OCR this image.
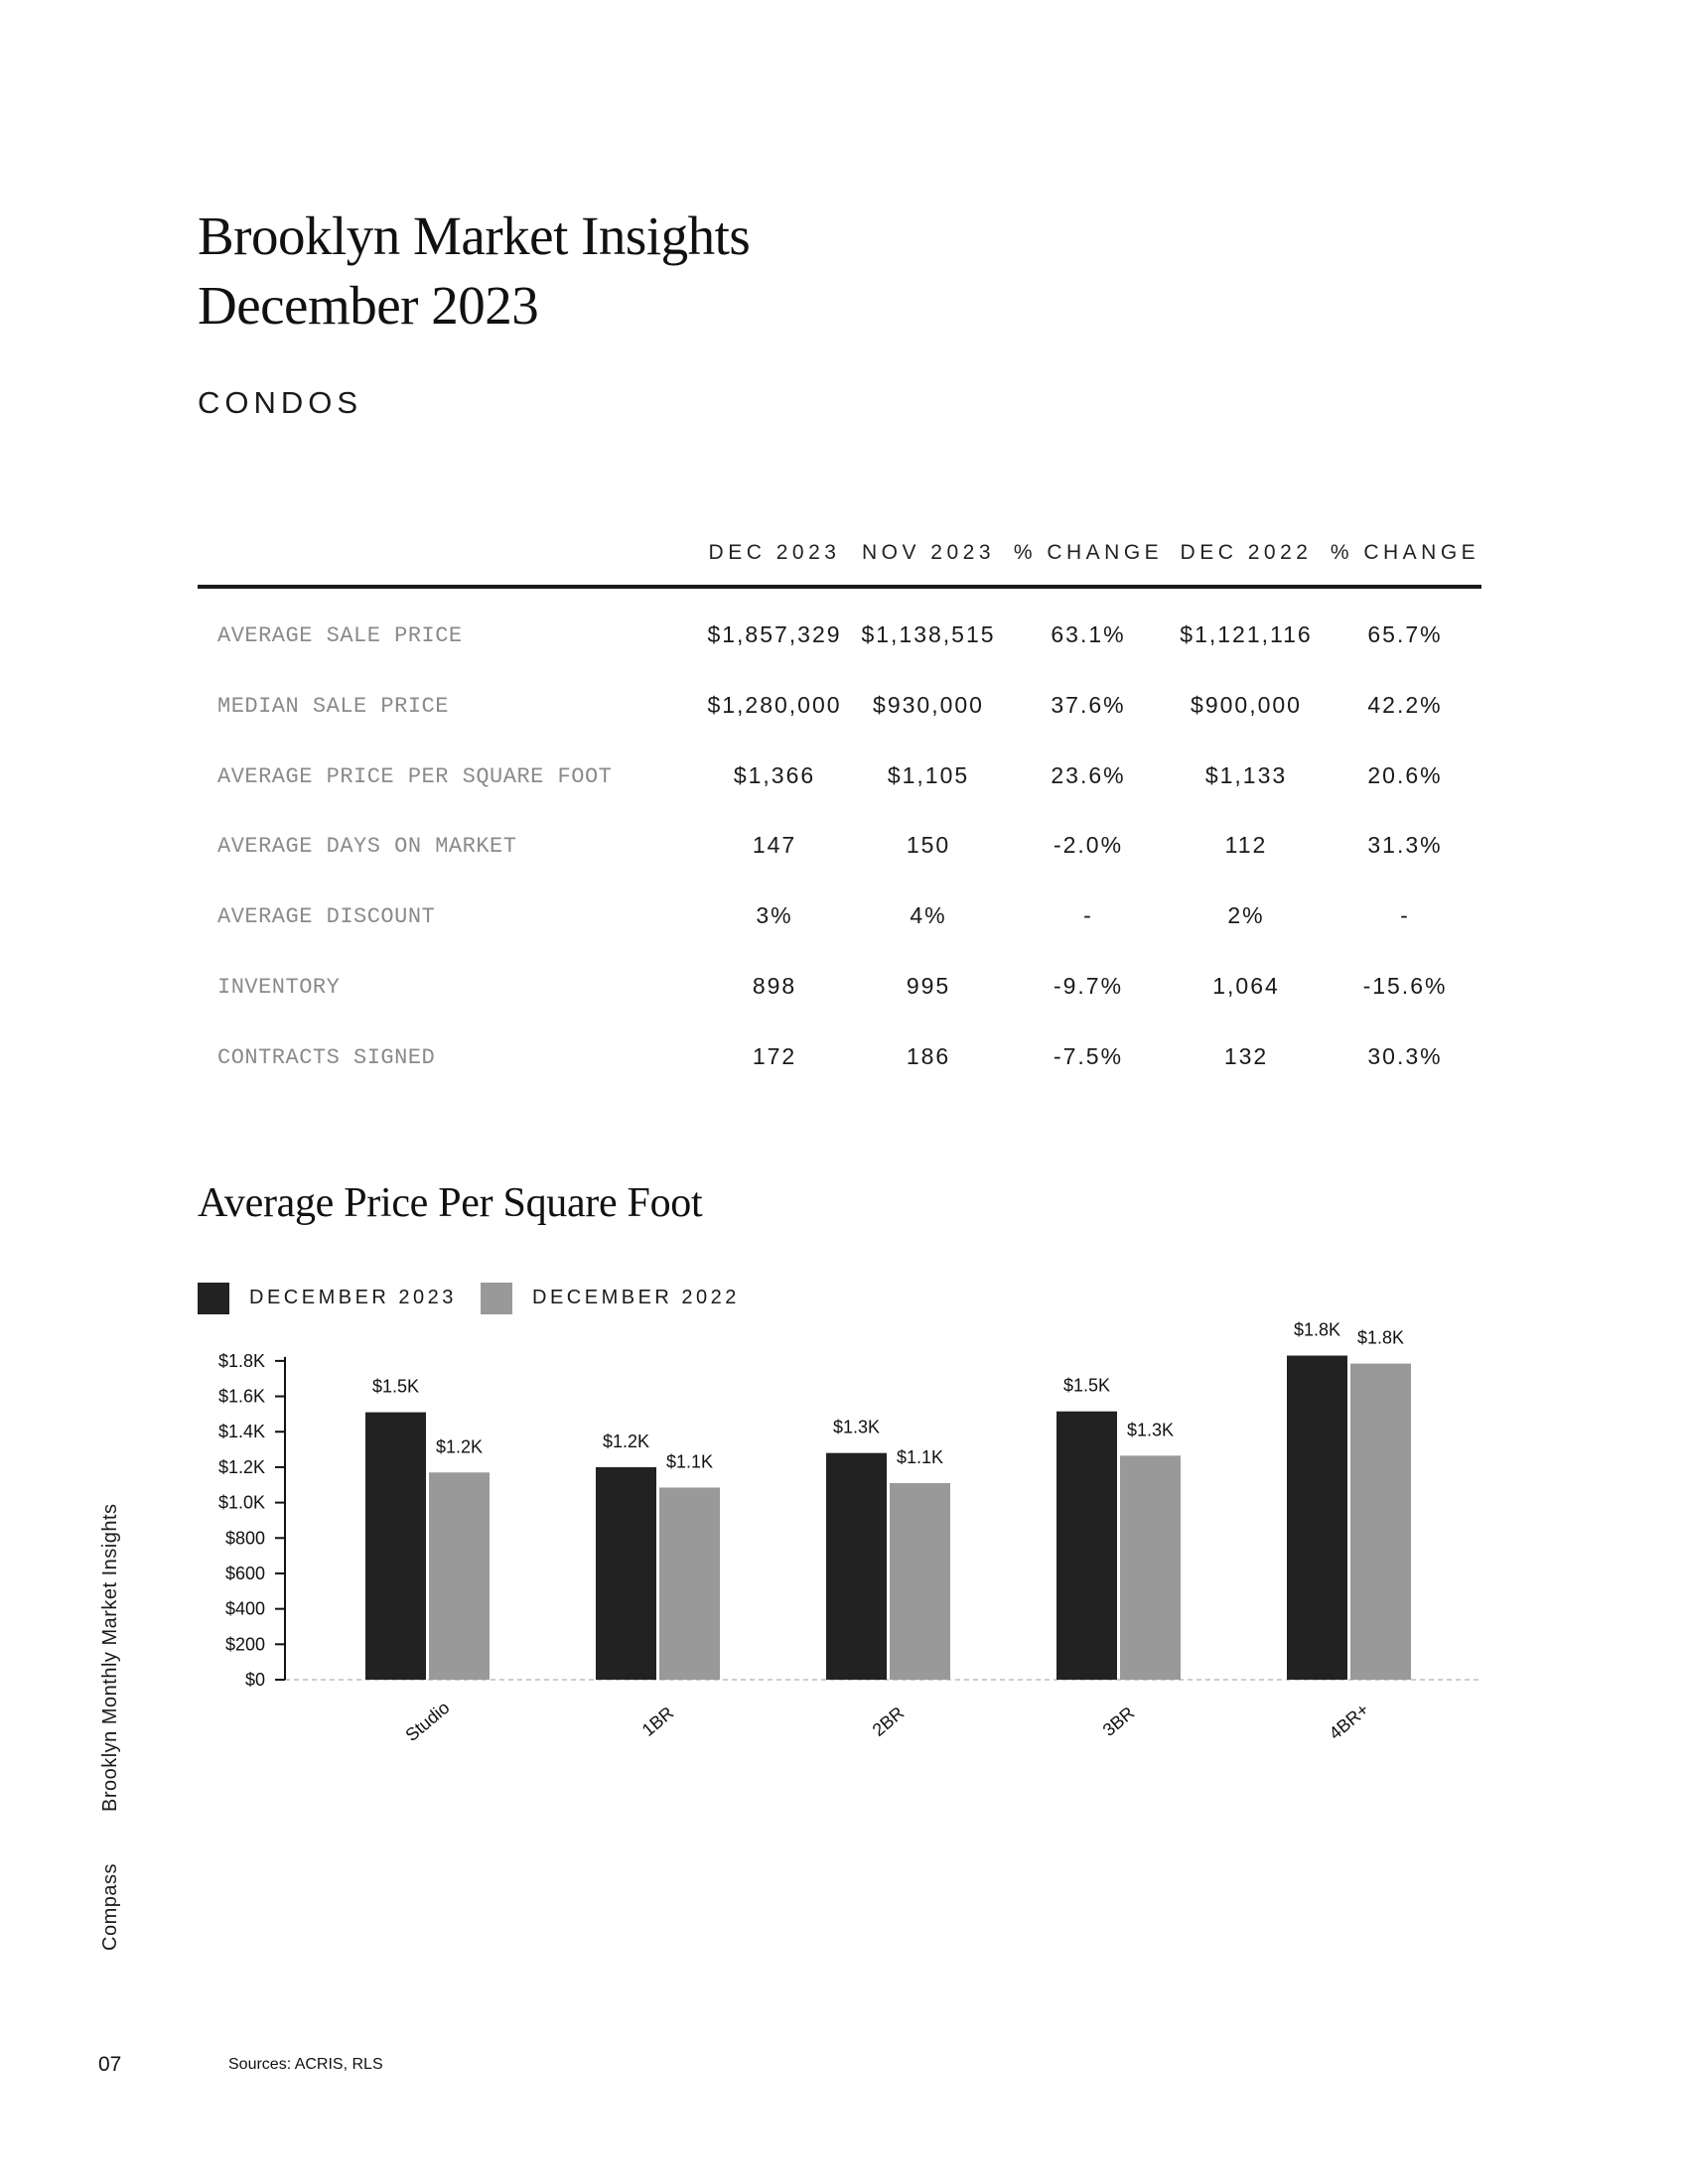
Brooklyn Market Insights
December 2023
CONDOS
DEC 2023 NOV 2023 % CHANGE DEC 2022 % CHANGE
AVERAGE SALE PRICE	$1,857,329 $1,138,515 63.1% $1,121,116 65.7%
MEDIAN SALE PRICE	$1,280,000 $930,000	37.6%	$900,000	42.2%
AVERAGE PRICE PER SQUARE FOOT	$1,366	$1,105	23.6%	$1,133	20.6%
AVERAGE DAYS ON MARKET	147	150	-2.0%	112	31.3%
AVERAGE DISCOUNT	3%	4%	-	2%	-
INVENTORY	898	995	-9.7%	1,064	-15.6%
CONTRACTS SIGNED	172	186	-7.5%	132	30.3%
Average Price Per Square Foot
DECEMBER 2023	DECEMBER 2022
$0
$200
$400
$600
$800
$1.0K
$1.2K
$1.4K
$1.6K
$1.8K
$1.5K
$1.2K
Studio
$1.2K
$1.1K
1BR
$1.3K
$1.1K
2BR
$1.5K
$1.3K
3BR
$1.8K $1.8K
4BR+
CompassBrooklyn Monthly Market Insights
07	Sources: ACRIS, RLS
